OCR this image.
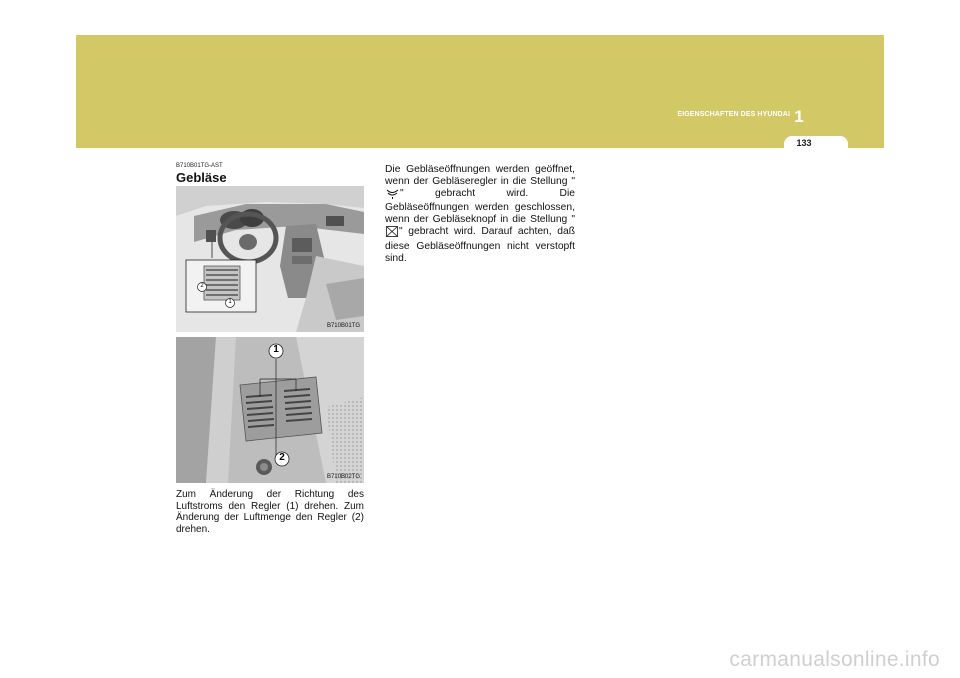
EIGENSCHAFTEN DES HYUNDAI 1
133
B710B01TG-AST
Gebläse
2
1
B710B01TG
1
2
B710B02TG
Zum Änderung der Richtung des Luftstroms den Regler (1) drehen. Zum Änderung der Luftmenge den Regler (2) drehen.
Die Gebläseöffnungen werden geöffnet, wenn der Gebläseregler in die Stellung "" gebracht wird. Die Gebläseöffnungen werden geschlossen, wenn der Gebläseknopf in die Stellung "" gebracht wird. Darauf achten, daß diese Gebläseöffnungen nicht verstopft sind.
carmanualsonline.info
